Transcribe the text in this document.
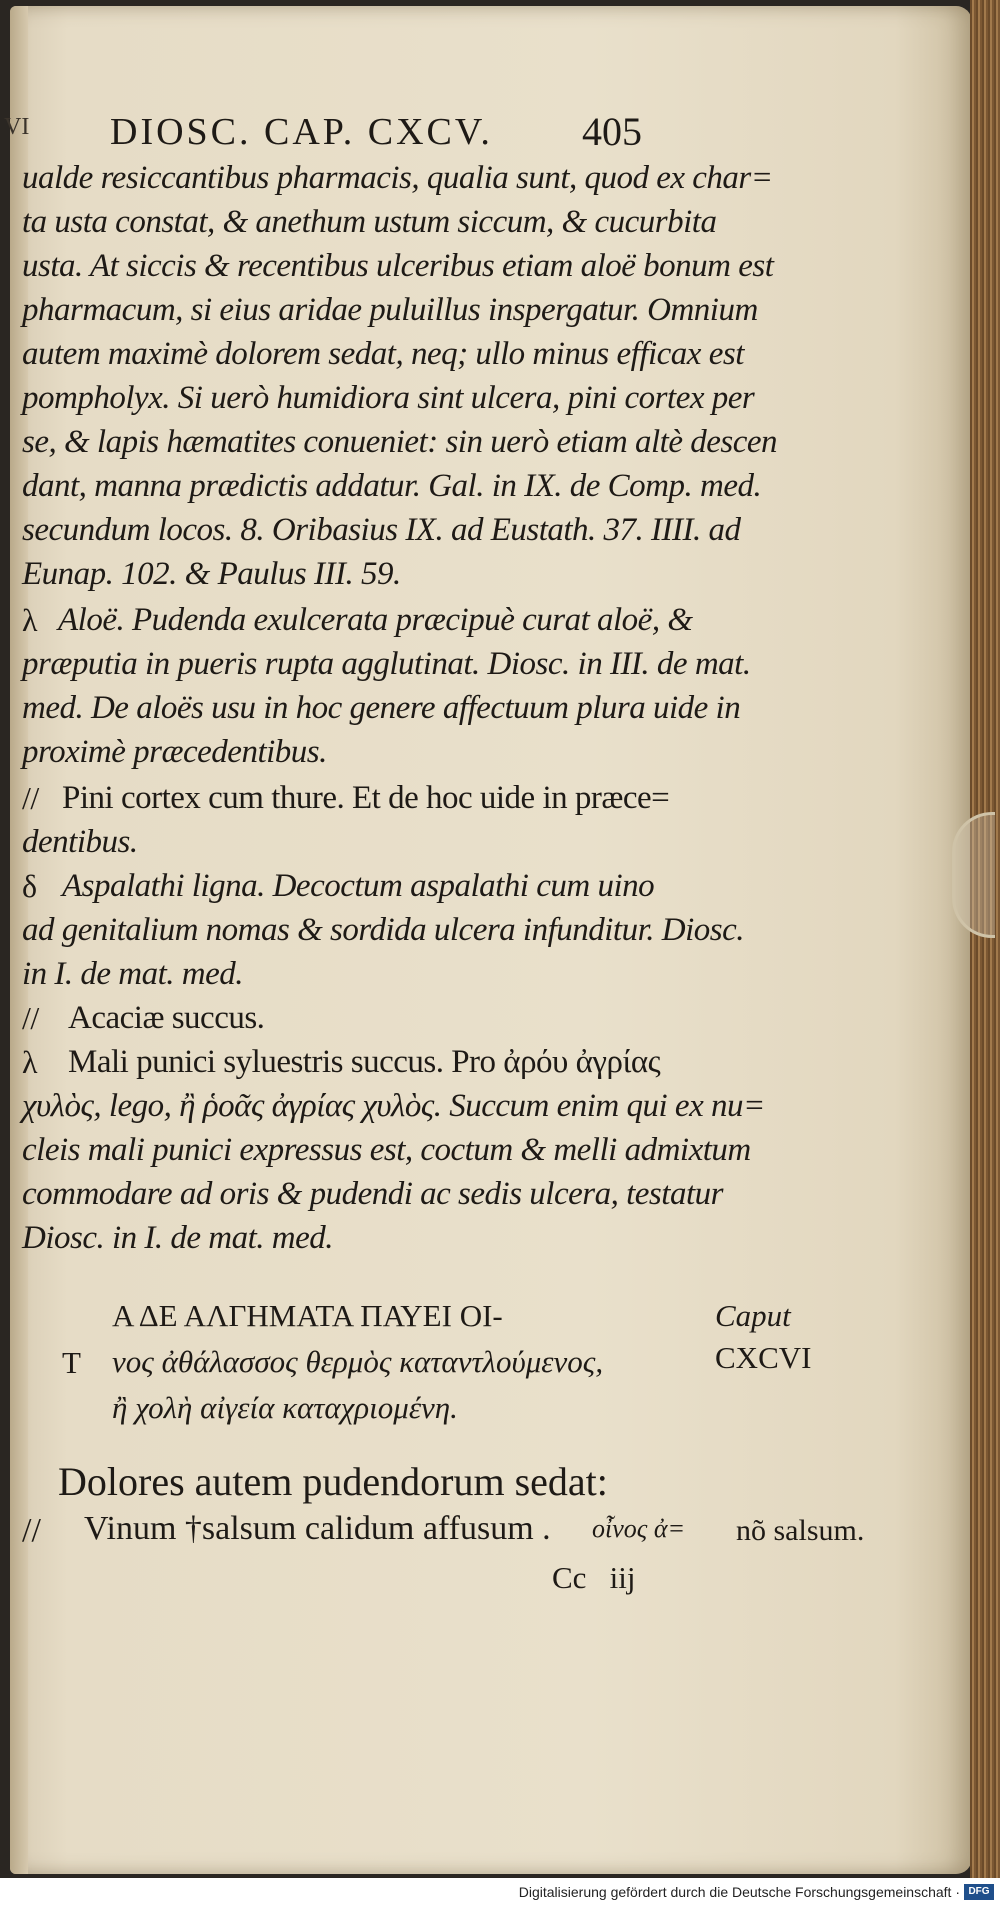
VI DIOSC. CAP. CXCV. 405
ualde resiccantibus pharmacis, qualia sunt, quod ex char=
ta usta constat, & anethum ustum siccum, & cucurbita
usta. At siccis & recentibus ulceribus etiam aloë bonum est
pharmacum, si eius aridae puluillus inspergatur. Omnium
autem maximè dolorem sedat, neq; ullo minus efficax est
pompholyx. Si uerò humidiora sint ulcera, pini cortex per
se, & lapis hæmatites conueniet: sin uerò etiam altè descen
dant, manna prædictis addatur. Gal. in IX. de Comp. med.
secundum locos. 8. Oribasius IX. ad Eustath. 37. IIII. ad
Eunap. 102. & Paulus III. 59.
λ Aloë. Pudenda exulcerata præcipuè curat aloë, &
præputia in pueris rupta agglutinat. Diosc. in III. de mat.
med. De aloës usu in hoc genere affectuum plura uide in
proximè præcedentibus.
// Pini cortex cum thure. Et de hoc uide in præce=
dentibus.
δ Aspalathi ligna. Decoctum aspalathi cum uino
ad genitalium nomas & sordida ulcera infunditur. Diosc.
in I. de mat. med.
// Acaciæ succus.
λ Mali punici syluestris succus. Pro ἀρόυ ἀγρίας
χυλὸς, lego, ἢ ῥοᾶς ἀγρίας χυλὸς. Succum enim qui ex nu=
cleis mali punici expressus est, coctum & melli admixtum
commodare ad oris & pudendi ac sedis ulcera, testatur
Diosc. in I. de mat. med.
Α ΔΕ ΑΛΓΗΜΑΤΑ ΠΑΥΕΙ ΟΙ-
T νος ἀθάλασσος θερμὸς καταντλούμενος,
ἢ χολὴ αἰγεία καταχριομένη.
Caput
CXCVI
Dolores autem pudendorum sedat:
// Vinum †salsum calidum affusum . οἶνος ἀ= nõ salsum.
Cc   iij
Digitalisierung gefördert durch die Deutsche Forschungsgemeinschaft · DFG
